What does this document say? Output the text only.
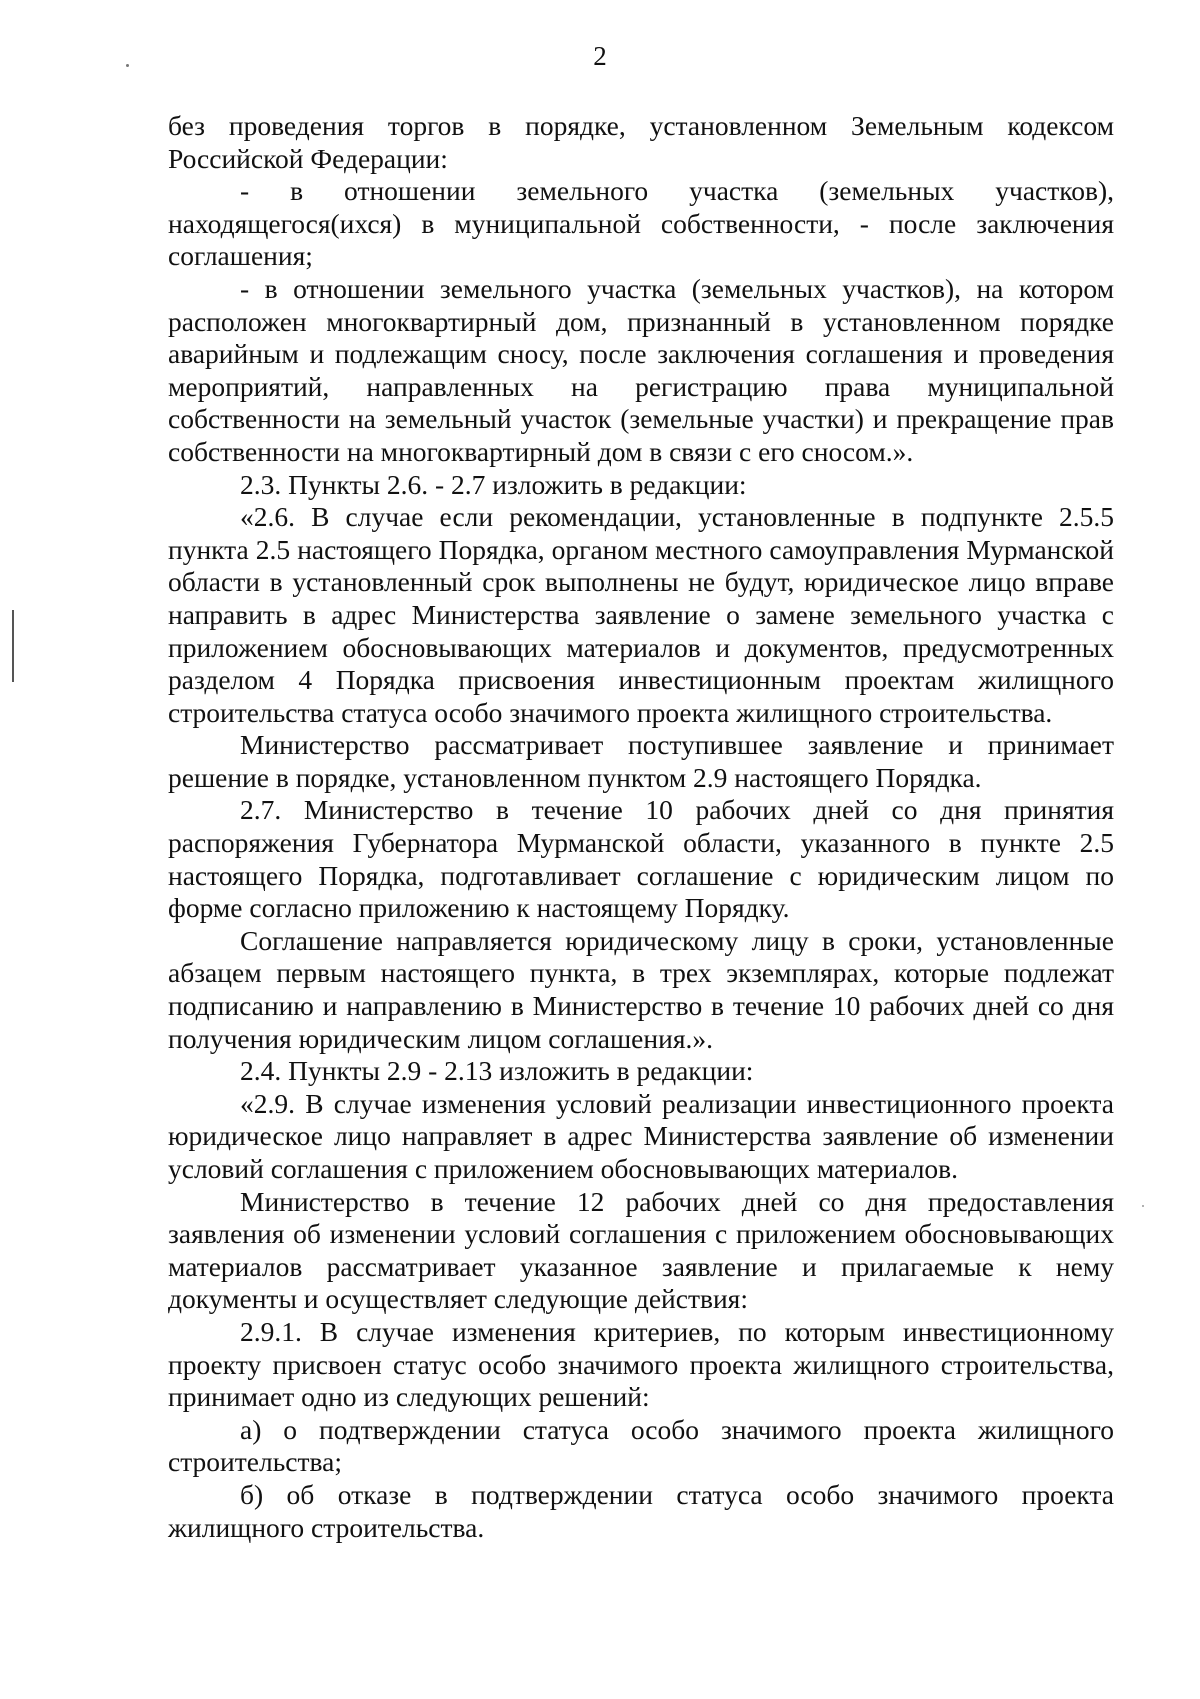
2

без проведения торгов в порядке, установленном Земельным кодексом Российской Федерации:

- в отношении земельного участка (земельных участков), находящегося(ихся) в муниципальной собственности, - после заключения соглашения;

- в отношении земельного участка (земельных участков), на котором расположен многоквартирный дом, признанный в установленном порядке аварийным и подлежащим сносу, после заключения соглашения и проведения мероприятий, направленных на регистрацию права муниципальной собственности на земельный участок (земельные участки) и прекращение прав собственности на многоквартирный дом в связи с его сносом.».

2.3. Пункты 2.6. - 2.7 изложить в редакции:

«2.6. В случае если рекомендации, установленные в подпункте 2.5.5 пункта 2.5 настоящего Порядка, органом местного самоуправления Мурманской области в установленный срок выполнены не будут, юридическое лицо вправе направить в адрес Министерства заявление о замене земельного участка с приложением обосновывающих материалов и документов, предусмотренных разделом 4 Порядка присвоения инвестиционным проектам жилищного строительства статуса особо значимого проекта жилищного строительства.

Министерство рассматривает поступившее заявление и принимает решение в порядке, установленном пунктом 2.9 настоящего Порядка.

2.7. Министерство в течение 10 рабочих дней со дня принятия распоряжения Губернатора Мурманской области, указанного в пункте 2.5 настоящего Порядка, подготавливает соглашение с юридическим лицом по форме согласно приложению к настоящему Порядку.

Соглашение направляется юридическому лицу в сроки, установленные абзацем первым настоящего пункта, в трех экземплярах, которые подлежат подписанию и направлению в Министерство в течение 10 рабочих дней со дня получения юридическим лицом соглашения.».

2.4. Пункты 2.9 - 2.13 изложить в редакции:

«2.9. В случае изменения условий реализации инвестиционного проекта юридическое лицо направляет в адрес Министерства заявление об изменении условий соглашения с приложением обосновывающих материалов.

Министерство в течение 12 рабочих дней со дня предоставления заявления об изменении условий соглашения с приложением обосновывающих материалов рассматривает указанное заявление и прилагаемые к нему документы и осуществляет следующие действия:

2.9.1. В случае изменения критериев, по которым инвестиционному проекту присвоен статус особо значимого проекта жилищного строительства, принимает одно из следующих решений:

а) о подтверждении статуса особо значимого проекта жилищного строительства;

б) об отказе в подтверждении статуса особо значимого проекта жилищного строительства.
